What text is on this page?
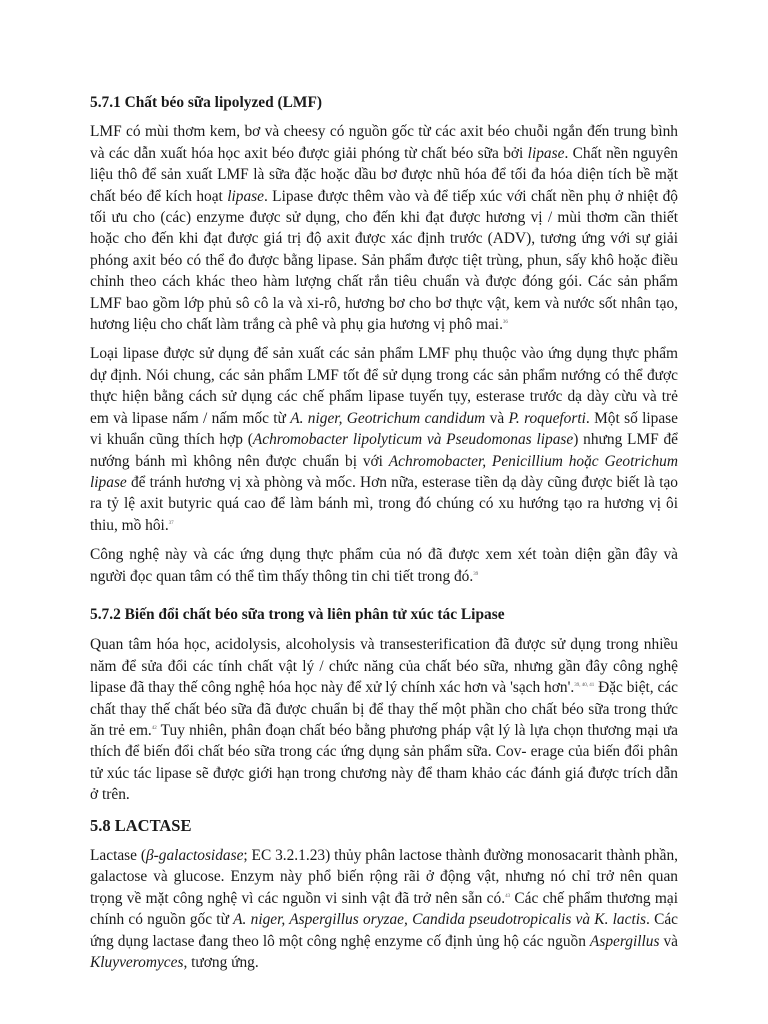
5.7.1 Chất béo sữa lipolyzed (LMF)

LMF có mùi thơm kem, bơ và cheesy có nguồn gốc từ các axit béo chuỗi ngắn đến trung bình và các dẫn xuất hóa học axit béo được giải phóng từ chất béo sữa bởi lipase. Chất nền nguyên liệu thô để sản xuất LMF là sữa đặc hoặc dầu bơ được nhũ hóa để tối đa hóa diện tích bề mặt chất béo để kích hoạt lipase. Lipase được thêm vào và để tiếp xúc với chất nền phụ ở nhiệt độ tối ưu cho (các) enzyme được sử dụng, cho đến khi đạt được hương vị / mùi thơm cần thiết hoặc cho đến khi đạt được giá trị độ axit được xác định trước (ADV), tương ứng với sự giải phóng axit béo có thể đo được bằng lipase. Sản phẩm được tiệt trùng, phun, sấy khô hoặc điều chỉnh theo cách khác theo hàm lượng chất rắn tiêu chuẩn và được đóng gói. Các sản phẩm LMF bao gồm lớp phủ sô cô la và xi-rô, hương bơ cho bơ thực vật, kem và nước sốt nhân tạo, hương liệu cho chất làm trắng cà phê và phụ gia hương vị phô mai.$^{36}$

Loại lipase được sử dụng để sản xuất các sản phẩm LMF phụ thuộc vào ứng dụng thực phẩm dự định. Nói chung, các sản phẩm LMF tốt để sử dụng trong các sản phẩm nướng có thể được thực hiện bằng cách sử dụng các chế phẩm lipase tuyến tụy, esterase trước dạ dày cừu và trẻ em và lipase nấm / nấm mốc từ A. niger, Geotrichum candidum và P. roqueforti. Một số lipase vi khuẩn cũng thích hợp (Achromobacter lipolyticum và Pseudomonas lipase) nhưng LMF để nướng bánh mì không nên được chuẩn bị với Achromobacter, Penicillium hoặc Geotrichum lipase để tránh hương vị xà phòng và mốc. Hơn nữa, esterase tiền dạ dày cũng được biết là tạo ra tỷ lệ axit butyric quá cao để làm bánh mì, trong đó chúng có xu hướng tạo ra hương vị ôi thiu, mồ hôi.$^{37}$

Công nghệ này và các ứng dụng thực phẩm của nó đã được xem xét toàn diện gần đây và người đọc quan tâm có thể tìm thấy thông tin chi tiết trong đó.$^{39}$

5.7.2 Biến đổi chất béo sữa trong và liên phân tử xúc tác Lipase

Quan tâm hóa học, acidolysis, alcoholysis và transesterification đã được sử dụng trong nhiều năm để sửa đổi các tính chất vật lý / chức năng của chất béo sữa, nhưng gần đây công nghệ lipase đã thay thế công nghệ hóa học này để xử lý chính xác hơn và 'sạch hơn'.$^{39, 40, 41}$ Đặc biệt, các chất thay thế chất béo sữa đã được chuẩn bị để thay thế một phần cho chất béo sữa trong thức ăn trẻ em.$^{42}$ Tuy nhiên, phân đoạn chất béo bằng phương pháp vật lý là lựa chọn thương mại ưa thích để biến đổi chất béo sữa trong các ứng dụng sản phẩm sữa. Cov- erage của biến đổi phân tử xúc tác lipase sẽ được giới hạn trong chương này để tham khảo các đánh giá được trích dẫn ở trên.

5.8 LACTASE

Lactase (β-galactosidase; EC 3.2.1.23) thủy phân lactose thành đường monosacarit thành phần, galactose và glucose. Enzym này phổ biến rộng rãi ở động vật, nhưng nó chỉ trở nên quan trọng về mặt công nghệ vì các nguồn vi sinh vật đã trở nên sẵn có.$^{43}$ Các chế phẩm thương mại chính có nguồn gốc từ A. niger, Aspergillus oryzae, Candida pseudotropicalis và K. lactis. Các ứng dụng lactase đang theo lô một công nghệ enzyme cố định ủng hộ các nguồn Aspergillus và Kluyveromyces, tương ứng.
